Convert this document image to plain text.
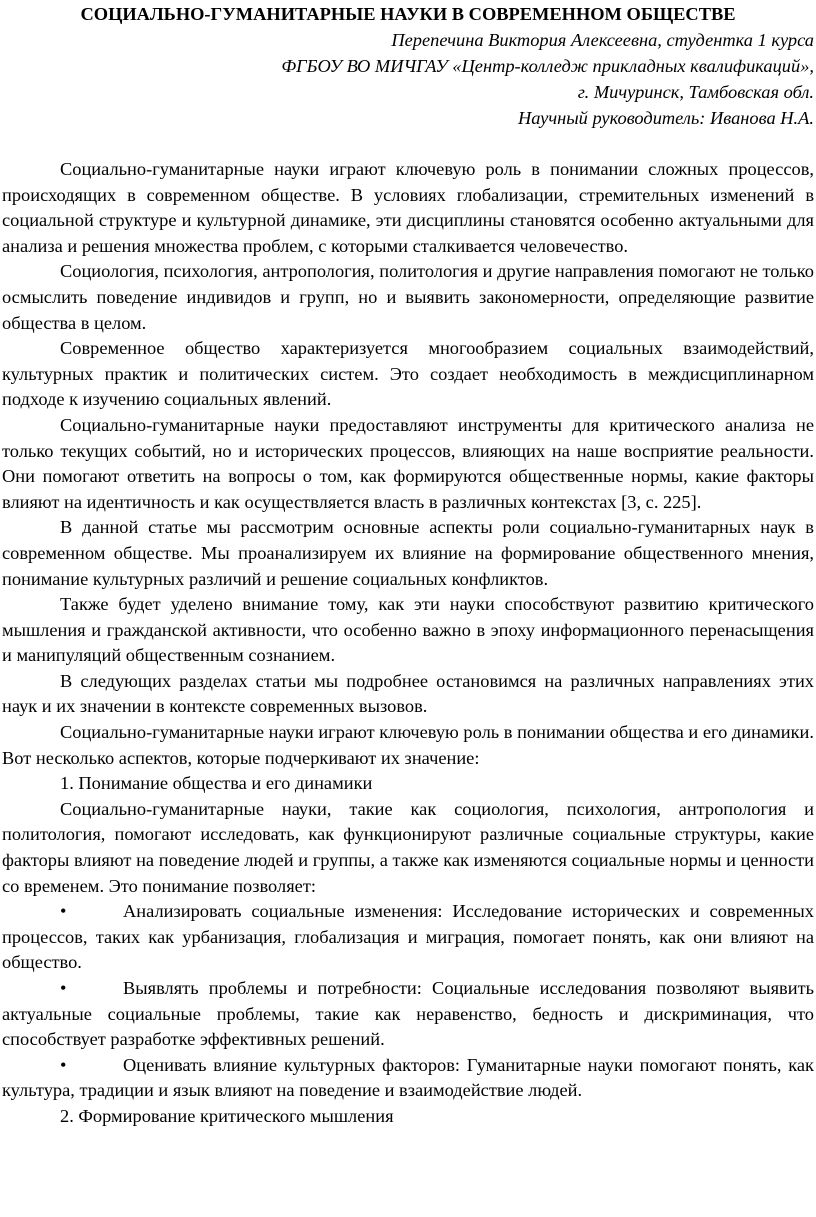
СОЦИАЛЬНО-ГУМАНИТАРНЫЕ НАУКИ В СОВРЕМЕННОМ ОБЩЕСТВЕ

Перепечина Виктория Алексеевна, студентка 1 курса

ФГБОУ ВО МИЧГАУ «Центр-колледж прикладных квалификаций»,

г. Мичуринск, Тамбовская обл.

Научный руководитель: Иванова Н.А.

Социально-гуманитарные науки играют ключевую роль в понимании сложных процессов, происходящих в современном обществе. В условиях глобализации, стремительных изменений в социальной структуре и культурной динамике, эти дисциплины становятся особенно актуальными для анализа и решения множества проблем, с которыми сталкивается человечество.

Социология, психология, антропология, политология и другие направления помогают не только осмыслить поведение индивидов и групп, но и выявить закономерности, определяющие развитие общества в целом.

Современное общество характеризуется многообразием социальных взаимодействий, культурных практик и политических систем. Это создает необходимость в междисциплинарном подходе к изучению социальных явлений.

Социально-гуманитарные науки предоставляют инструменты для критического анализа не только текущих событий, но и исторических процессов, влияющих на наше восприятие реальности. Они помогают ответить на вопросы о том, как формируются общественные нормы, какие факторы влияют на идентичность и как осуществляется власть в различных контекстах [3, с. 225].

В данной статье мы рассмотрим основные аспекты роли социально-гуманитарных наук в современном обществе. Мы проанализируем их влияние на формирование общественного мнения, понимание культурных различий и решение социальных конфликтов.

Также будет уделено внимание тому, как эти науки способствуют развитию критического мышления и гражданской активности, что особенно важно в эпоху информационного перенасыщения и манипуляций общественным сознанием.

В следующих разделах статьи мы подробнее остановимся на различных направлениях этих наук и их значении в контексте современных вызовов.

Социально-гуманитарные науки играют ключевую роль в понимании общества и его динамики. Вот несколько аспектов, которые подчеркивают их значение:

1. Понимание общества и его динамики

Социально-гуманитарные науки, такие как социология, психология, антропология и политология, помогают исследовать, как функционируют различные социальные структуры, какие факторы влияют на поведение людей и группы, а также как изменяются социальные нормы и ценности со временем. Это понимание позволяет:

•	Анализировать социальные изменения: Исследование исторических и современных процессов, таких как урбанизация, глобализация и миграция, помогает понять, как они влияют на общество.

•	Выявлять проблемы и потребности: Социальные исследования позволяют выявить актуальные социальные проблемы, такие как неравенство, бедность и дискриминация, что способствует разработке эффективных решений.

•	Оценивать влияние культурных факторов: Гуманитарные науки помогают понять, как культура, традиции и язык влияют на поведение и взаимодействие людей.

2. Формирование критического мышления
